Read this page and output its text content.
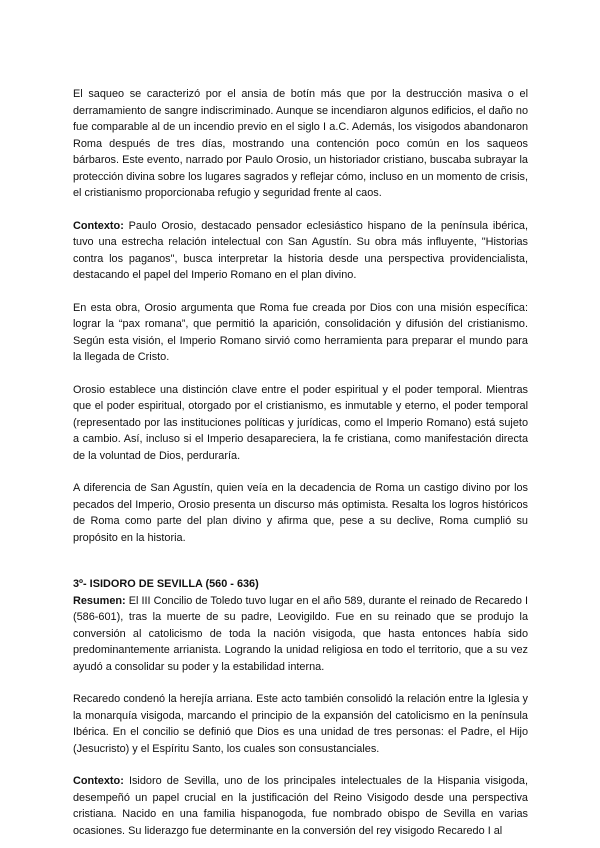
El saqueo se caracterizó por el ansia de botín más que por la destrucción masiva o el derramamiento de sangre indiscriminado. Aunque se incendiaron algunos edificios, el daño no fue comparable al de un incendio previo en el siglo I a.C. Además, los visigodos abandonaron Roma después de tres días, mostrando una contención poco común en los saqueos bárbaros. Este evento, narrado por Paulo Orosio, un historiador cristiano, buscaba subrayar la protección divina sobre los lugares sagrados y reflejar cómo, incluso en un momento de crisis, el cristianismo proporcionaba refugio y seguridad frente al caos.

Contexto: Paulo Orosio, destacado pensador eclesiástico hispano de la península ibérica, tuvo una estrecha relación intelectual con San Agustín. Su obra más influyente, "Historias contra los paganos", busca interpretar la historia desde una perspectiva providencialista, destacando el papel del Imperio Romano en el plan divino.

En esta obra, Orosio argumenta que Roma fue creada por Dios con una misión específica: lograr la “pax romana”, que permitió la aparición, consolidación y difusión del cristianismo. Según esta visión, el Imperio Romano sirvió como herramienta para preparar el mundo para la llegada de Cristo.

Orosio establece una distinción clave entre el poder espiritual y el poder temporal. Mientras que el poder espiritual, otorgado por el cristianismo, es inmutable y eterno, el poder temporal (representado por las instituciones políticas y jurídicas, como el Imperio Romano) está sujeto a cambio. Así, incluso si el Imperio desapareciera, la fe cristiana, como manifestación directa de la voluntad de Dios, perduraría.

A diferencia de San Agustín, quien veía en la decadencia de Roma un castigo divino por los pecados del Imperio, Orosio presenta un discurso más optimista. Resalta los logros históricos de Roma como parte del plan divino y afirma que, pese a su declive, Roma cumplió su propósito en la historia.

3º- ISIDORO DE SEVILLA (560 - 636)

Resumen: El III Concilio de Toledo tuvo lugar en el año 589, durante el reinado de Recaredo I (586-601), tras la muerte de su padre, Leovigildo. Fue en su reinado que se produjo la conversión al catolicismo de toda la nación visigoda, que hasta entonces había sido predominantemente arrianista. Logrando la unidad religiosa en todo el territorio, que a su vez ayudó a consolidar su poder y la estabilidad interna.

Recaredo condenó la herejía arriana. Este acto también consolidó la relación entre la Iglesia y la monarquía visigoda, marcando el principio de la expansión del catolicismo en la península Ibérica. En el concilio se definió que Dios es una unidad de tres personas: el Padre, el Hijo (Jesucristo) y el Espíritu Santo, los cuales son consustanciales.

Contexto: Isidoro de Sevilla, uno de los principales intelectuales de la Hispania visigoda, desempeñó un papel crucial en la justificación del Reino Visigodo desde una perspectiva cristiana. Nacido en una familia hispanogoda, fue nombrado obispo de Sevilla en varias ocasiones. Su liderazgo fue determinante en la conversión del rey visigodo Recaredo I al
